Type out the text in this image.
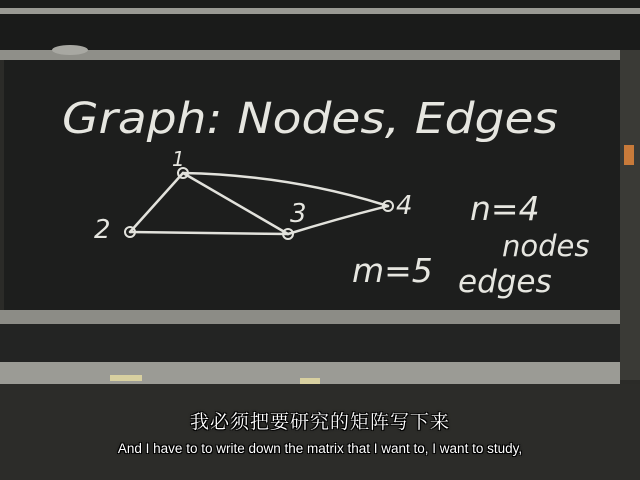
Graph: Nodes, Edges
1
2
3	4 n=4
nodes
m=5 edges
我必须把要研究的矩阵写下来
And I have to to write down the matrix that I want to, I want to study,
